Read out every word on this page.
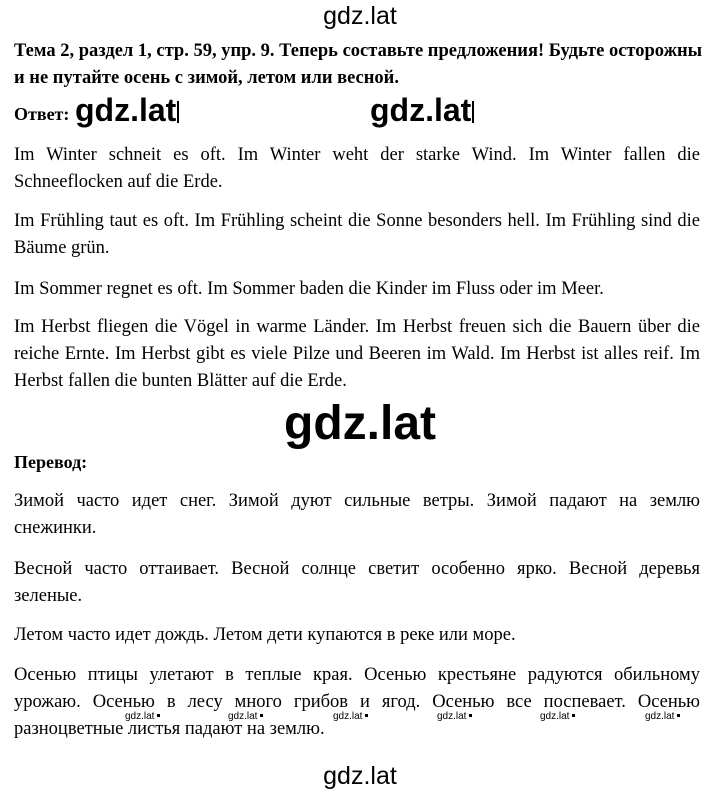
gdz.lat
Тема 2, раздел 1, стр. 59, упр. 9. Теперь составьте предложения! Будьте осторожны и не путайте осень с зимой, летом или весной.
Ответ: gdz.lat	gdz.lat
Im Winter schneit es oft. Im Winter weht der starke Wind. Im Winter fallen die Schneeflocken auf die Erde.
Im Frühling taut es oft. Im Frühling scheint die Sonne besonders hell. Im Frühling sind die Bäume grün.
Im Sommer regnet es oft. Im Sommer baden die Kinder im Fluss oder im Meer.
Im Herbst fliegen die Vögel in warme Länder. Im Herbst freuen sich die Bauern über die reiche Ernte. Im Herbst gibt es viele Pilze und Beeren im Wald. Im Herbst ist alles reif. Im Herbst fallen die bunten Blätter auf die Erde.
gdz.lat
Перевод:
Зимой часто идет снег. Зимой дуют сильные ветры. Зимой падают на землю снежинки.
Весной часто оттаивает. Весной солнце светит особенно ярко. Весной деревья зеленые.
Летом часто идет дождь. Летом дети купаются в реке или море.
Осенью птицы улетают в теплые края. Осенью крестьяне радуются обильному урожаю. Осенью в лесу много грибов и ягод. Осенью все поспевает. Осенью разноцветные листья падают на землю.
gdz.lat	gdz.lat	gdz.lat	gdz.lat	gdz.lat	gdz.lat
gdz.lat
